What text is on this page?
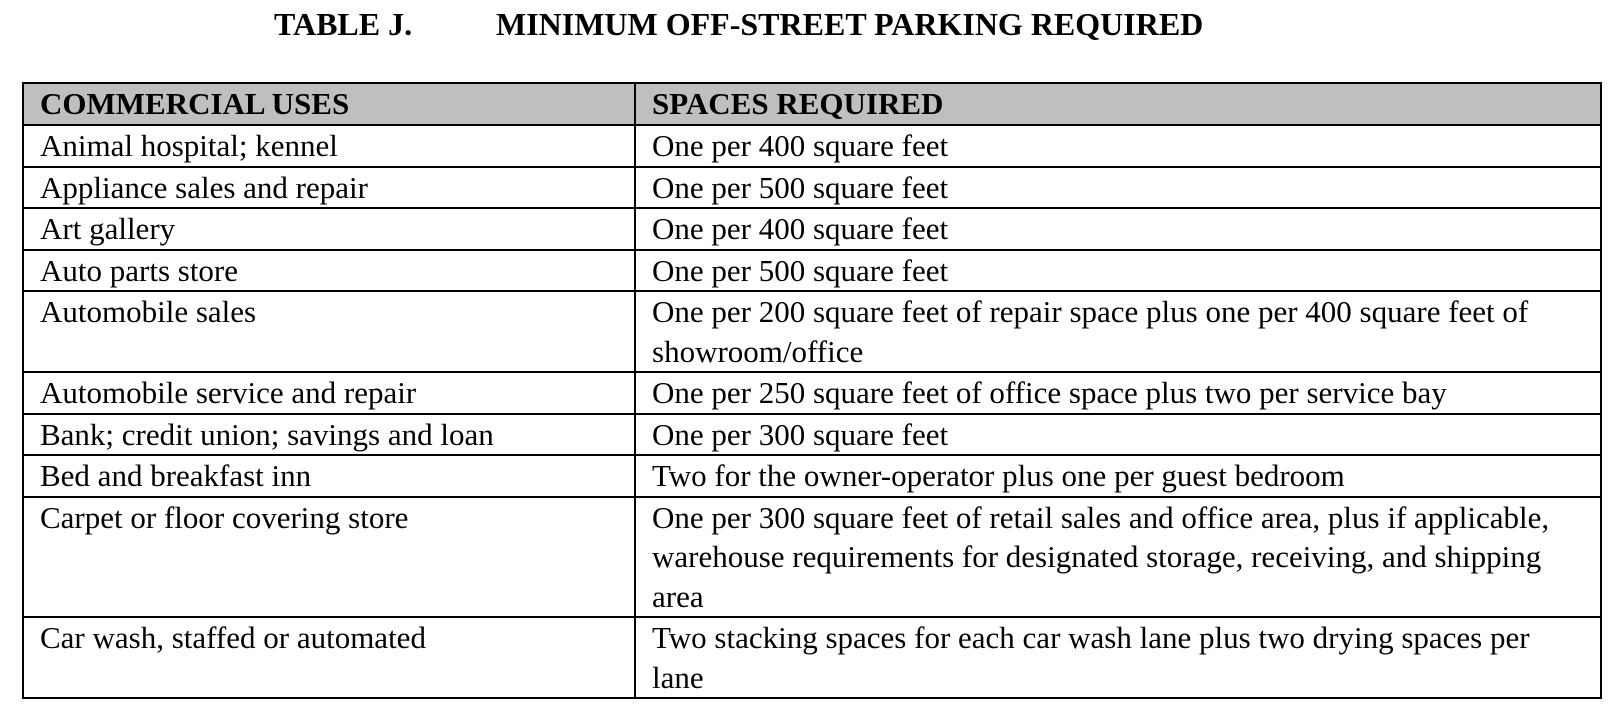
TABLE J.	MINIMUM OFF-STREET PARKING REQUIRED
COMMERCIAL USES	SPACES REQUIRED
Animal hospital; kennel	One per 400 square feet
Appliance sales and repair	One per 500 square feet
Art gallery	One per 400 square feet
Auto parts store	One per 500 square feet
Automobile sales	One per 200 square feet of repair space plus one per 400 square feet of showroom/office
Automobile service and repair	One per 250 square feet of office space plus two per service bay
Bank; credit union; savings and loan	One per 300 square feet
Bed and breakfast inn	Two for the owner-operator plus one per guest bedroom
Carpet or floor covering store	One per 300 square feet of retail sales and office area, plus if applicable, warehouse requirements for designated storage, receiving, and shipping area
Car wash, staffed or automated	Two stacking spaces for each car wash lane plus two drying spaces per lane
